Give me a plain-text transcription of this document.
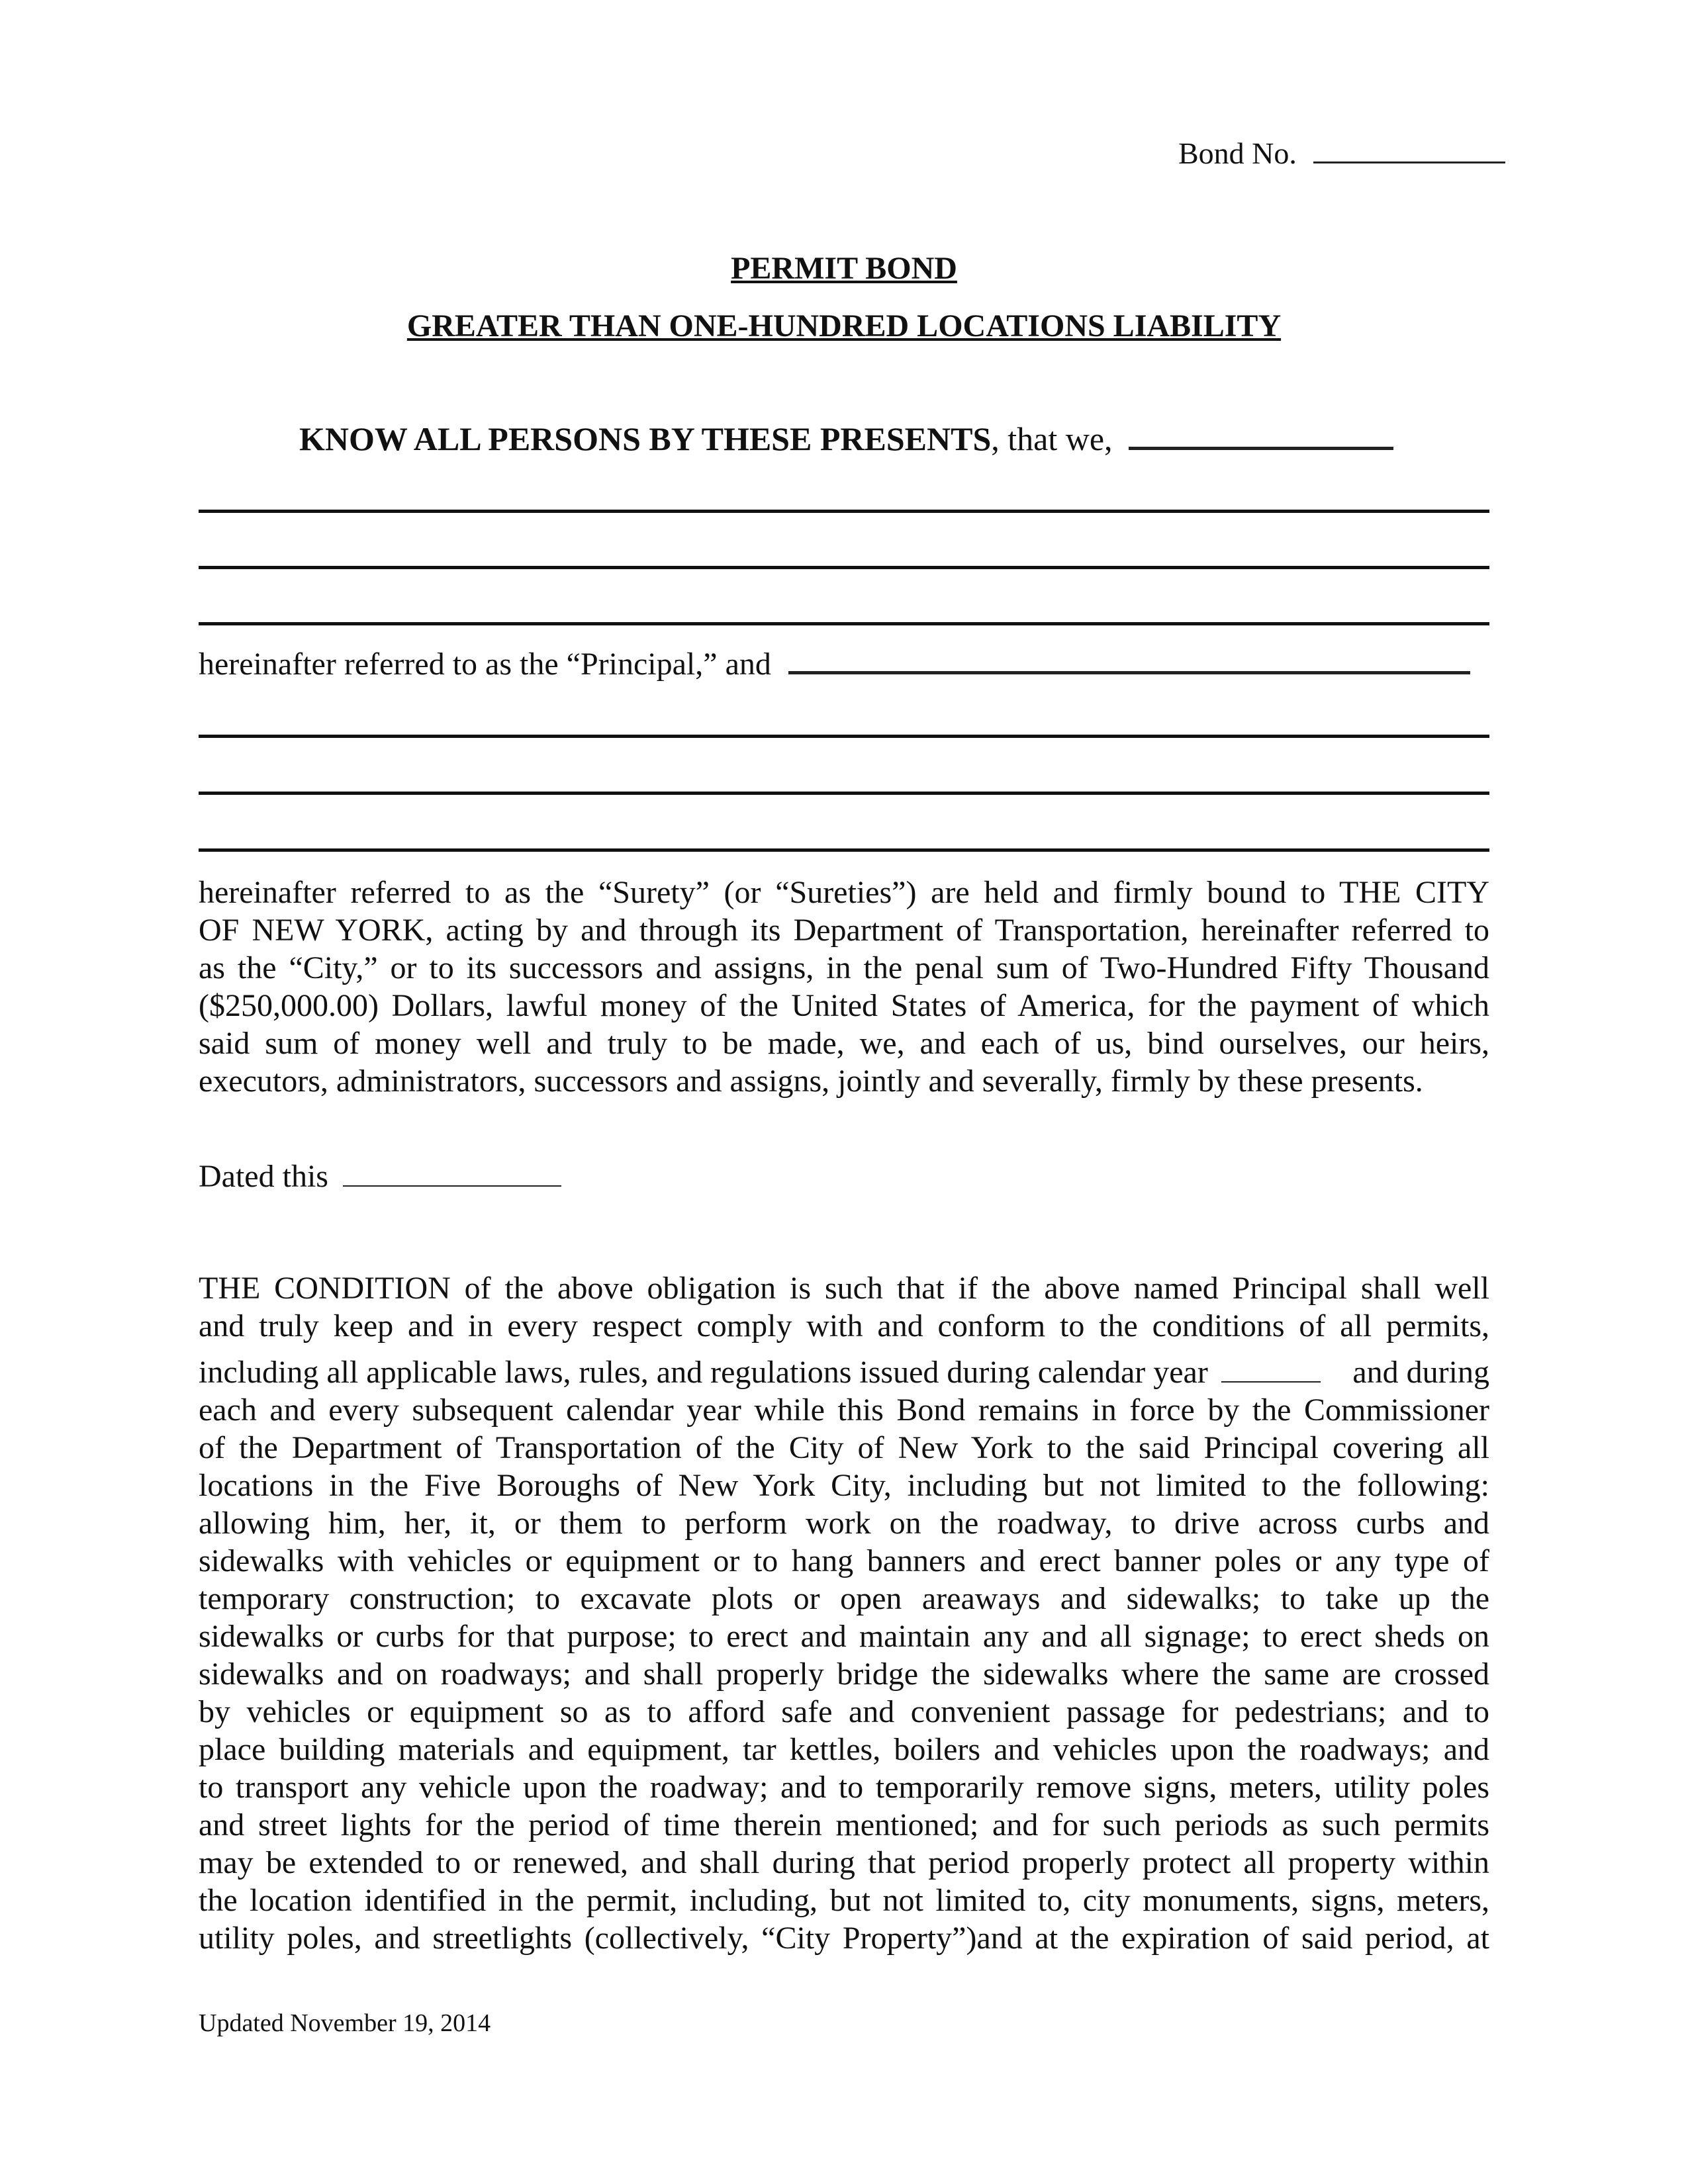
Bond No.
PERMIT BOND
GREATER THAN ONE-HUNDRED LOCATIONS LIABILITY
KNOW ALL PERSONS BY THESE PRESENTS, that we,
hereinafter referred to as the “Principal,” and

hereinafter referred to as the “Surety” (or “Sureties”) are held and firmly bound to THE CITY

OF NEW YORK, acting by and through its Department of Transportation, hereinafter referred to

as the “City,” or to its successors and assigns, in the penal sum of Two-Hundred Fifty Thousand

($250,000.00) Dollars, lawful money of the United States of America, for the payment of which

said sum of money well and truly to be made, we, and each of us, bind ourselves, our heirs,

executors, administrators, successors and assigns, jointly and severally, firmly by these presents.

Dated this

THE CONDITION of the above obligation is such that if the above named Principal shall well

and truly keep and in every respect comply with and conform to the conditions of all permits,

including all applicable laws, rules, and regulations issued during calendar year	and during

each and every subsequent calendar year while this Bond remains in force by the Commissioner

of the Department of Transportation of the City of New York to the said Principal covering all

locations in the Five Boroughs of New York City, including but not limited to the following:

allowing him, her, it, or them to perform work on the roadway, to drive across curbs and

sidewalks with vehicles or equipment or to hang banners and erect banner poles or any type of

temporary construction; to excavate plots or open areaways and sidewalks; to take up the

sidewalks or curbs for that purpose; to erect and maintain any and all signage; to erect sheds on

sidewalks and on roadways; and shall properly bridge the sidewalks where the same are crossed

by vehicles or equipment so as to afford safe and convenient passage for pedestrians; and to

place building materials and equipment, tar kettles, boilers and vehicles upon the roadways; and

to transport any vehicle upon the roadway; and to temporarily remove signs, meters, utility poles

and street lights for the period of time therein mentioned; and for such periods as such permits

may be extended to or renewed, and shall during that period properly protect all property within

the location identified in the permit, including, but not limited to, city monuments, signs, meters,

utility poles, and streetlights (collectively, “City Property”)and at the expiration of said period, at

Updated November 19, 2014
